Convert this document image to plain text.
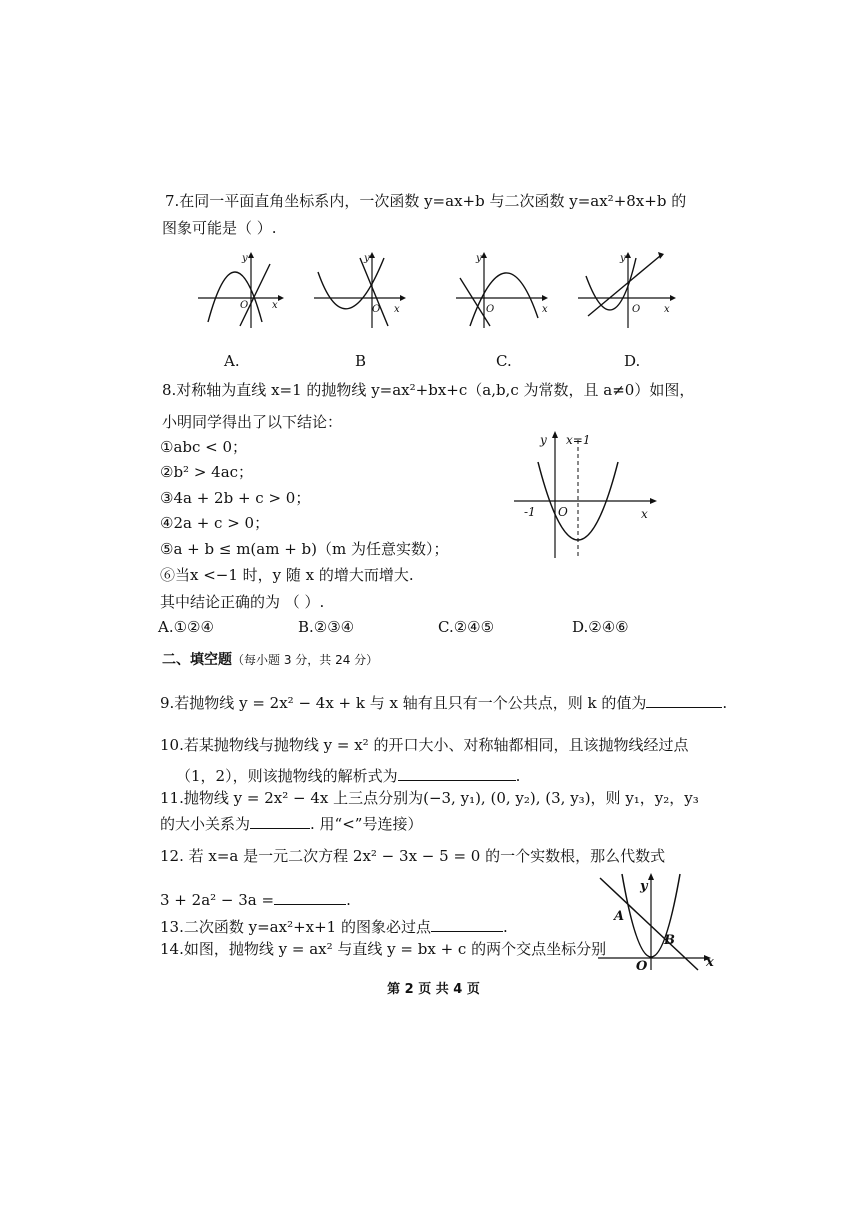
7.在同一平面直角坐标系内，一次函数 y=ax+b 与二次函数 y=ax²+8x+b 的
图象可能是（ ）.
y
O x
y
O x
y
O	x
y
O x
A.	B	C.	D.
8.对称轴为直线 x=1 的抛物线 y=ax²+bx+c（a,b,c 为常数，且 a≠0）如图，
小明同学得出了以下结论：
①abc < 0；
②b² > 4ac；
③4a + 2b + c > 0；
④2a + c > 0；
⑤a + b ≤ m(am + b)（m 为任意实数）；
⑥当x <−1 时，y 随 x 的增大而增大.
其中结论正确的为 （ ）.
y x=1
-1 O	x
A.①②④	B.②③④	C.②④⑤	D.②④⑥
二、填空题（每小题 3 分，共 24 分）
9.若抛物线 y = 2x² − 4x + k 与 x 轴有且只有一个公共点，则 k 的值为	.
10.若某抛物线与抛物线 y = x² 的开口大小、对称轴都相同，且该抛物线经过点
（1，2），则该抛物线的解析式为	.
11.抛物线 y = 2x² − 4x 上三点分别为(−3, y₁), (0, y₂), (3, y₃)，则 y₁，y₂，y₃
的大小关系为	. 用“<”号连接）
12. 若 x=a 是一元二次方程 2x² − 3x − 5 = 0 的一个实数根，那么代数式
3 + 2a² − 3a =	.
13.二次函数 y=ax²+x+1 的图象必过点	.
14.如图，抛物线 y = ax² 与直线 y = bx + c 的两个交点坐标分别
y
A
B
O	x
第 2 页 共 4 页
